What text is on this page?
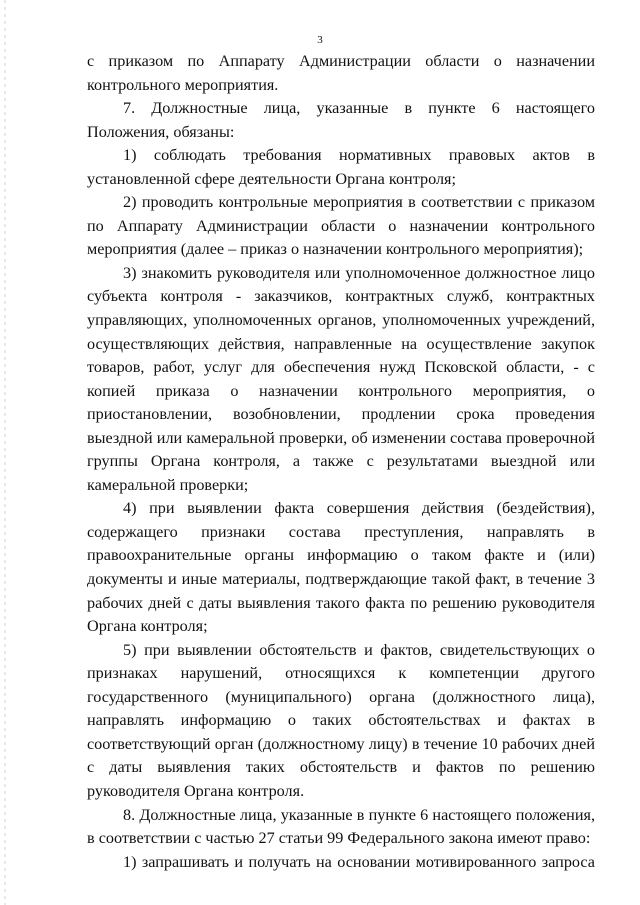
3

с приказом по Аппарату Администрации области о назначении контрольного мероприятия.

7. Должностные лица, указанные в пункте 6 настоящего Положения, обязаны:

1) соблюдать требования нормативных правовых актов в установленной сфере деятельности Органа контроля;

2) проводить контрольные мероприятия в соответствии с приказом по Аппарату Администрации области о назначении контрольного мероприятия (далее – приказ о назначении контрольного мероприятия);

3) знакомить руководителя или уполномоченное должностное лицо субъекта контроля - заказчиков, контрактных служб, контрактных управляющих, уполномоченных органов, уполномоченных учреждений, осуществляющих действия, направленные на осуществление закупок товаров, работ, услуг для обеспечения нужд Псковской области, - с копией приказа о назначении контрольного мероприятия, о приостановлении, возобновлении, продлении срока проведения выездной или камеральной проверки, об изменении состава проверочной группы Органа контроля, а также с результатами выездной или камеральной проверки;

4) при выявлении факта совершения действия (бездействия), содержащего признаки состава преступления, направлять в правоохранительные органы информацию о таком факте и (или) документы и иные материалы, подтверждающие такой факт, в течение 3 рабочих дней с даты выявления такого факта по решению руководителя Органа контроля;

5) при выявлении обстоятельств и фактов, свидетельствующих о признаках нарушений, относящихся к компетенции другого государственного (муниципального) органа (должностного лица), направлять информацию о таких обстоятельствах и фактах в соответствующий орган (должностному лицу) в течение 10 рабочих дней с даты выявления таких обстоятельств и фактов по решению руководителя Органа контроля.

8. Должностные лица, указанные в пункте 6 настоящего положения, в соответствии с частью 27 статьи 99 Федерального закона имеют право:

1) запрашивать и получать на основании мотивированного запроса
